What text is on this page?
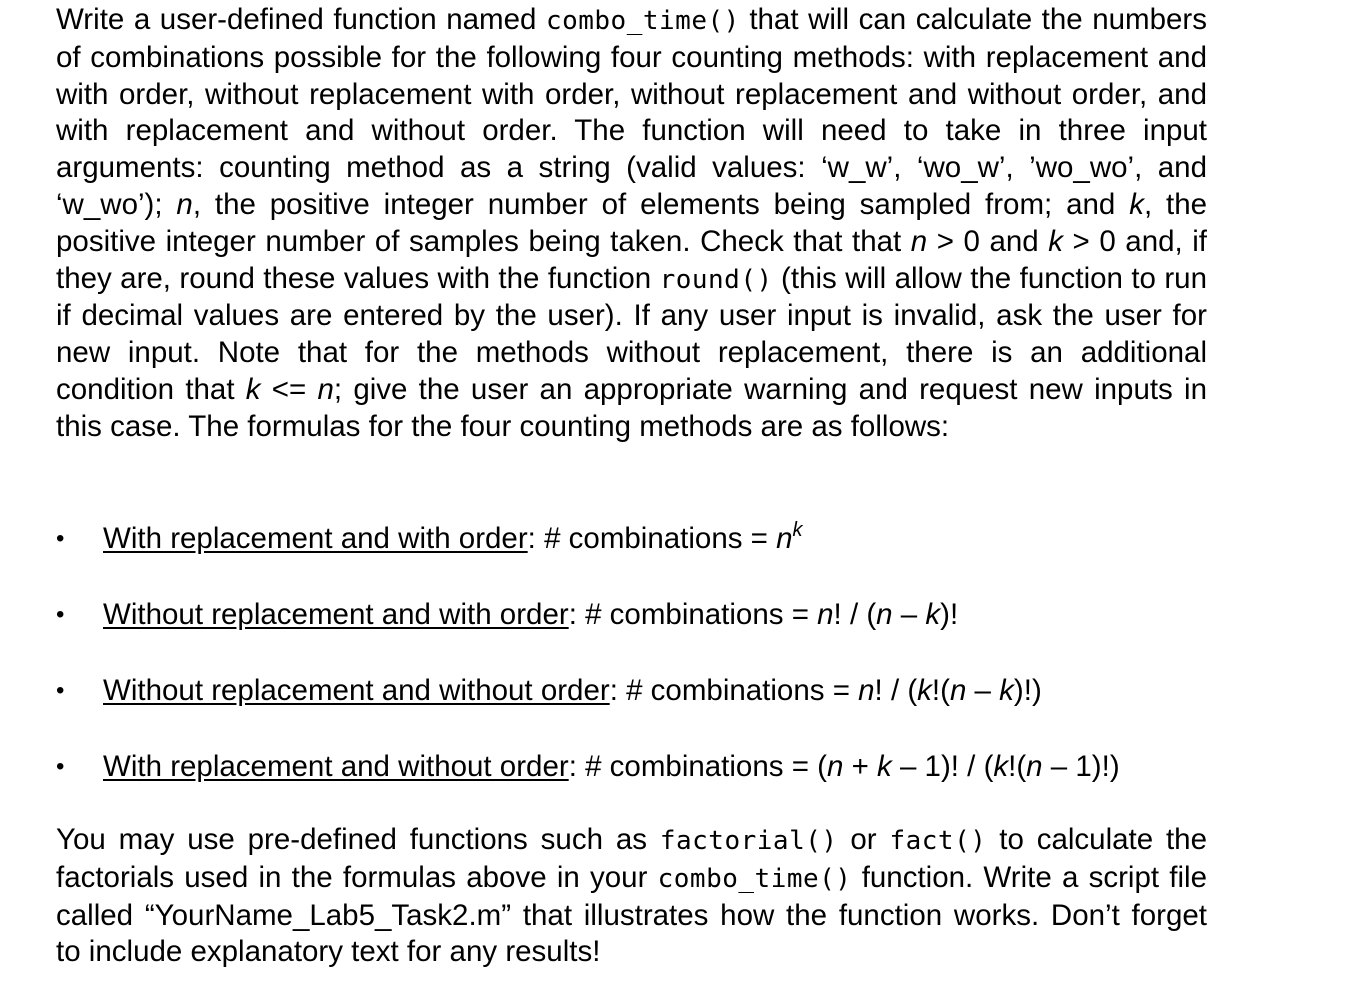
Write a user-defined function named combo_time() that will can calculate the numbers of combinations possible for the following four counting methods: with replacement and with order, without replacement with order, without replacement and without order, and with replacement and without order. The function will need to take in three input arguments: counting method as a string (valid values: ‘w_w’, ‘wo_w’, ’wo_wo’, and ‘w_wo’); n, the positive integer number of elements being sampled from; and k, the positive integer number of samples being taken. Check that that n > 0 and k > 0 and, if they are, round these values with the function round() (this will allow the function to run if decimal values are entered by the user). If any user input is invalid, ask the user for new input. Note that for the methods without replacement, there is an additional condition that k <= n; give the user an appropriate warning and request new inputs in this case. The formulas for the four counting methods are as follows:

•	With replacement and with order: # combinations = $n^k$
•	Without replacement and with order: # combinations = n! / (n – k)!
•	Without replacement and without order: # combinations = n! / (k!(n – k)!)
•	With replacement and without order: # combinations = (n + k – 1)! / (k!(n – 1)!)

You may use pre-defined functions such as factorial() or fact() to calculate the factorials used in the formulas above in your combo_time() function. Write a script file called “YourName_Lab5_Task2.m” that illustrates how the function works. Don’t forget to include explanatory text for any results!
